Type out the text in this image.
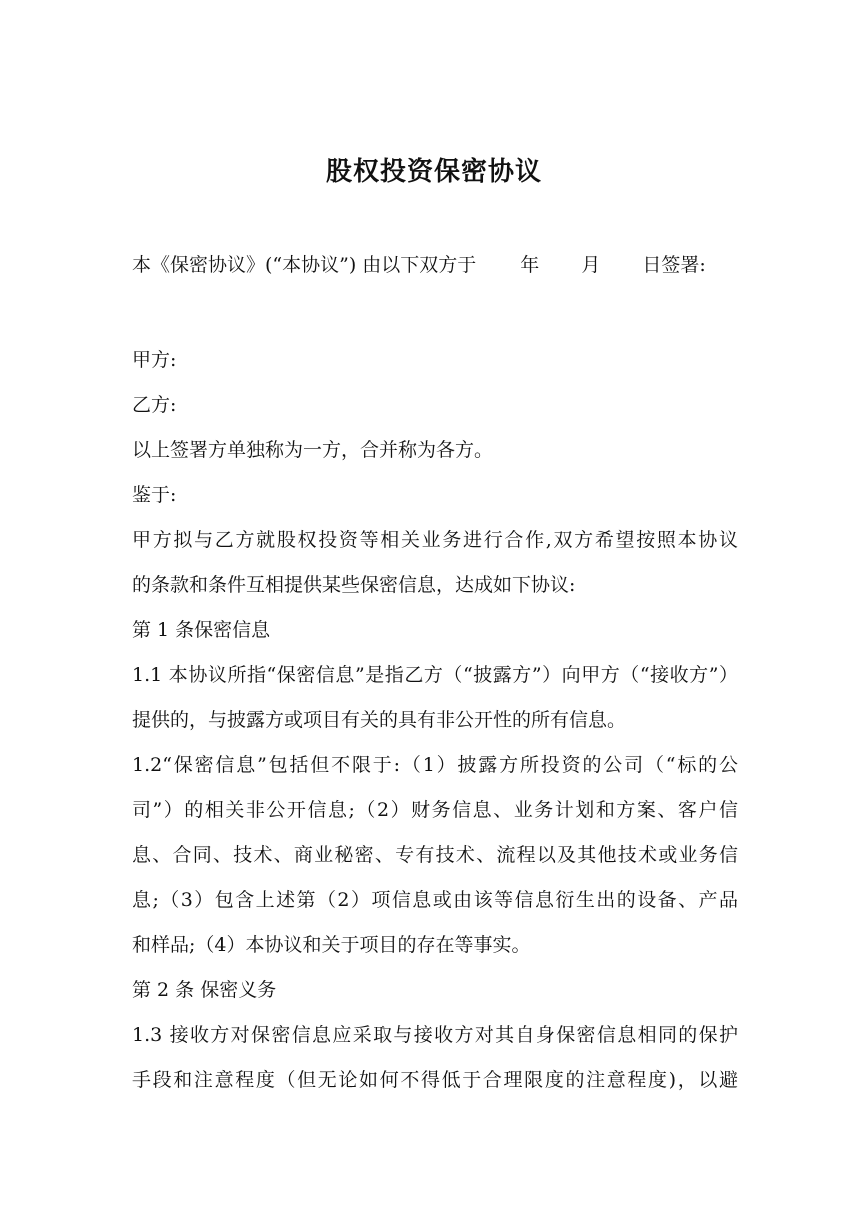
股权投资保密协议
本《保密协议》(“本协议”) 由以下双方于 年 月 日签署:
甲方:
乙方:
以上签署方单独称为一方，合并称为各方。
鉴于:
甲方拟与乙方就股权投资等相关业务进行合作,双方希望按照本协议
的条款和条件互相提供某些保密信息，达成如下协议:
第 1 条保密信息
1.1 本协议所指“保密信息”是指乙方（“披露方”）向甲方（“接收方”）
提供的，与披露方或项目有关的具有非公开性的所有信息。
1.2“保密信息”包括但不限于:（1）披露方所投资的公司（“标的公
司”）的相关非公开信息;（2）财务信息、业务计划和方案、客户信
息、合同、技术、商业秘密、专有技术、流程以及其他技术或业务信
息;（3）包含上述第（2）项信息或由该等信息衍生出的设备、产品
和样品;（4）本协议和关于项目的存在等事实。
第 2 条 保密义务
1.3 接收方对保密信息应采取与接收方对其自身保密信息相同的保护
手段和注意程度（但无论如何不得低于合理限度的注意程度)，以避
